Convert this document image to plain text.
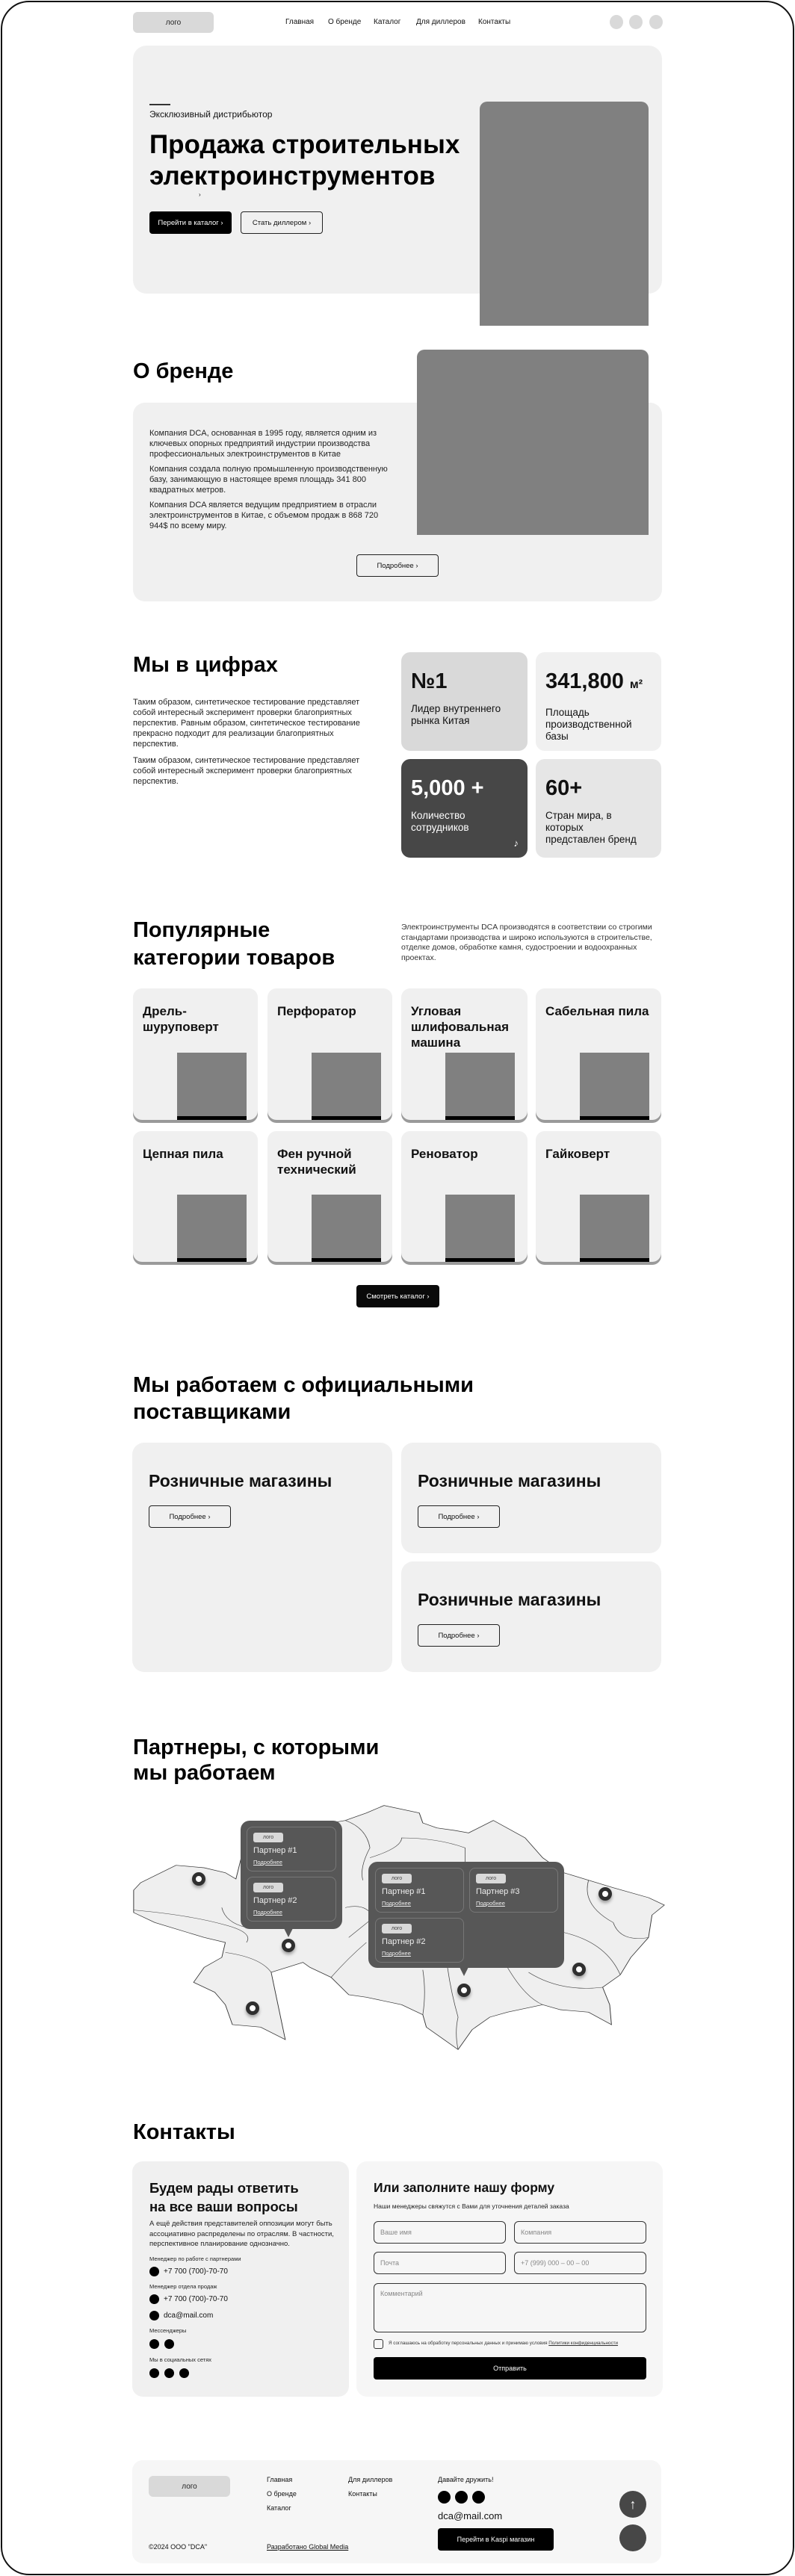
лого	Главная О бренде Каталог Для диллеров Контакты
Эксклюзивный дистрибьютор
Продажа строительных
электроинструментов
›
Перейти в каталог ›	Стать диллером ›
О бренде

Компания DCA, основанная в 1995 году, является одним из ключевых опорных предприятий индустрии производства профессиональных электроинструментов в Китае

Компания создала полную промышленную производственную базу, занимающую в настоящее время площадь 341 800 квадратных метров.

Компания DCA является ведущим предприятием в отрасли электроинструментов в Китае, с объемом продаж в 868 720 944$ по всему миру.

Подробнее ›
Мы в цифрах

Таким образом, синтетическое тестирование представляет собой интересный эксперимент проверки благоприятных перспектив. Равным образом, синтетическое тестирование прекрасно подходит для реализации благоприятных перспектив.

Таким образом, синтетическое тестирование представляет собой интересный эксперимент проверки благоприятных перспектив.

№1
Лидер внутреннего рынка Китая
341,800 м²
Площадь производственной базы
5,000 +
Количество сотрудников
♪
60+
Стран мира, в которых представлен бренд
Популярные
категории товаров
Электроинструменты DCA производятся в соответствии со строгими стандартами производства и широко используются в строительстве, отделке домов, обработке камня, судостроении и водоохранных проектах.
Дрель-шуруповерт
Перфоратор	Угловая шлифовальная машина
Сабельная пила
Цепная пила	Фен ручной технический
Реноватор	Гайковерт
Смотреть каталог ›
Мы работаем с официальными
поставщиками
Розничные магазины
Подробнее ›
Розничные магазины
Подробнее ›
Розничные магазины
Подробнее ›
Партнеры, с которыми
мы работаем
лого
Партнер #1
Подробнее
лого
Партнер #2
Подробнее
лого
Партнер #1
Подробнее
лого
Партнер #3
Подробнее
лого
Партнер #2
Подробнее
Контакты
Будем рады ответить
на все ваши вопросы
А ещё действия представителей оппозиции могут быть ассоциативно распределены по отраслям. В частности, перспективное планирование однозначно.
Менеджер по работе с партнерами
+7 700 (700)-70-70
Менеджер отдела продаж
+7 700 (700)-70-70
dca@mail.com
Мессенджеры
Мы в социальных сетях
Или заполните нашу форму
Наши менеджеры свяжутся с Вами для уточнения деталей заказа
Ваше имя
Компания
Почта
+7 (999) 000 – 00 – 00
Комментарий
Я соглашаюсь на обработку персональных данных и принимаю условия Политики конфиденциальности
Отправить
лого
Главная
О бренде
Каталог
Для диллеров
Контакты
Давайте дружить!
dca@mail.com
Перейти в Kaspi магазин
©2024 ООО "DCA"	Разработано Global Media
↑
